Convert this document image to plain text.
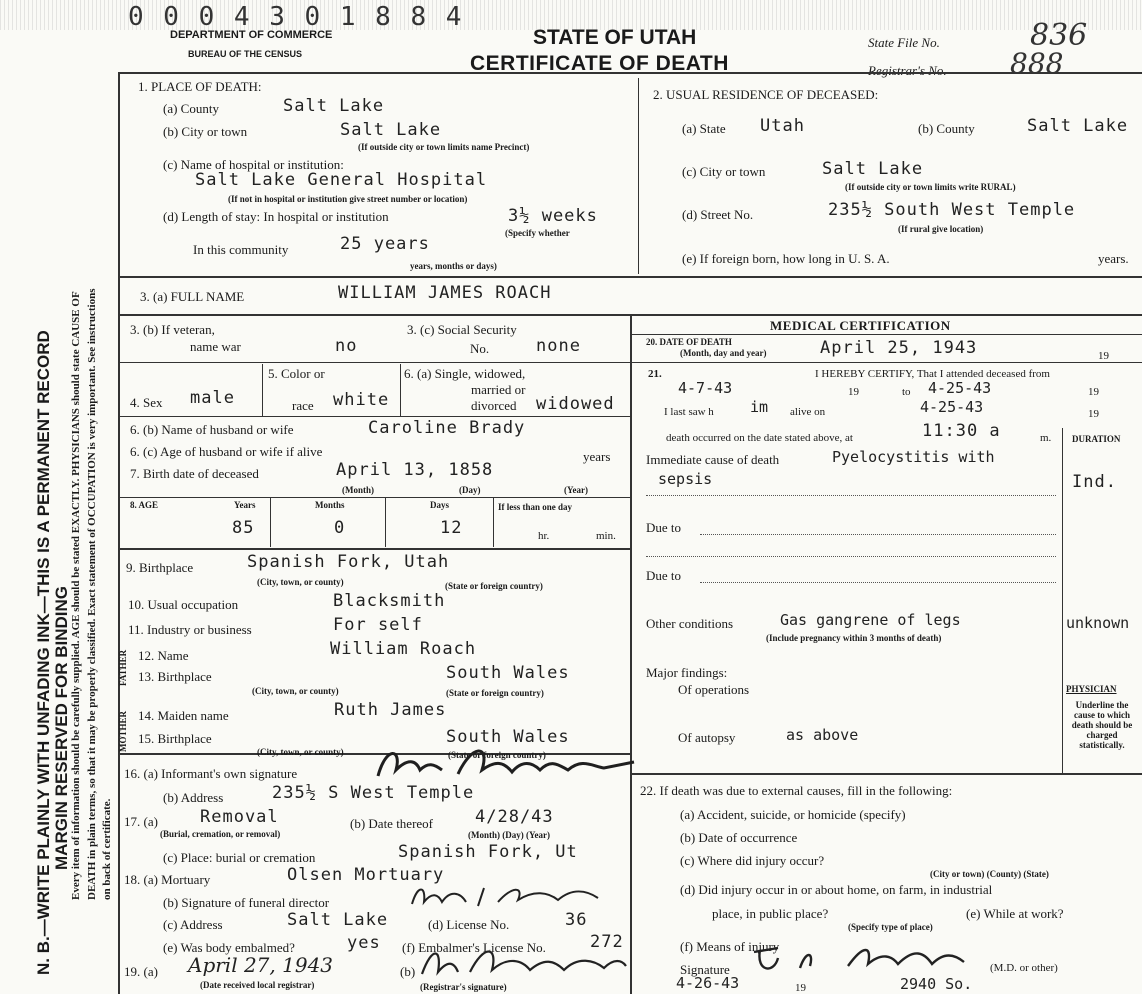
0 0 0 4 3 0 1 8 8 4
DEPARTMENT OF COMMERCE
BUREAU OF THE CENSUS
STATE OF UTAH
CERTIFICATE OF DEATH
State File No.	836
Registrar's No. 888
N. B.—WRITE PLAINLY WITH UNFADING INK—THIS IS A PERMANENT RECORD MARGIN RESERVED FOR BINDING Every item of information should be carefully supplied. AGE should be stated EXACTLY. PHYSICIANS should state CAUSE OF DEATH in plain terms, so that it may be properly classified. Exact statement of OCCUPATION is very important. See instructions on back of certificate.
1. PLACE OF DEATH:
(a) County	Salt Lake
(b) City or town	Salt Lake
(If outside city or town limits name Precinct)
(c) Name of hospital or institution:
Salt Lake General Hospital
(If not in hospital or institution give street number or location)
(d) Length of stay: In hospital or institution	3½ weeks
(Specify whether
In this community	25 years
years, months or days)
2. USUAL RESIDENCE OF DECEASED:
(a) State Utah	(b) County	Salt Lake
(c) City or town	Salt Lake
(If outside city or town limits write RURAL)
(d) Street No.	235½ South West Temple
(If rural give location)
(e) If foreign born, how long in U. S. A.	years.
3. (a) FULL NAME	WILLIAM JAMES ROACH
3. (b) If veteran,
name war	no
3. (c) Social Security
No.	none
4. Sex male
5. Color or
race white
6. (a) Single, widowed,
married or
divorced widowed
6. (b) Name of husband or wife	Caroline Brady
6. (c) Age of husband or wife if alive	years
7. Birth date of deceased	April 13, 1858
(Month)	(Day)	(Year)
8. AGE	Years	Months	Days	If less than one day
85	0	12	hr.	min.
9. Birthplace	Spanish Fork, Utah
(City, town, or county)	(State or foreign country)
10. Usual occupation	Blacksmith
11. Industry or business	For self
FATHER
MOTHER
12. Name	William Roach
13. Birthplace	South Wales
(City, town, or county)	(State or foreign country)
14. Maiden name	Ruth James
15. Birthplace	South Wales
(City, town, or county)	(State or foreign country)
16. (a) Informant's own signature
(b) Address	235½ S West Temple
17. (a) Removal
(Burial, cremation, or removal)
(b) Date thereof 4/28/43
(Month) (Day) (Year)
(c) Place: burial or cremation	Spanish Fork, Ut
18. (a) Mortuary	Olsen Mortuary
(b) Signature of funeral director
(c) Address	Salt Lake	(d) License No.	36
(e) Was body embalmed?	yes (f) Embalmer's License No.	272
19. (a) April 27, 1943
(Date received local registrar)
(b)
(Registrar's signature)
MEDICAL CERTIFICATION
20. DATE OF DEATH
(Month, day and year)	April 25, 1943	19
21.	I HEREBY CERTIFY, That I attended deceased from
4-7-43	19	to 4-25-43	19
I last saw h im alive on	4-25-43	19
death occurred on the date stated above, at	11:30 a	m. DURATION
Immediate cause of death	Pyelocystitis with
sepsis	Ind.
Due to
Due to
Other conditions	Gas gangrene of legs	unknown
(Include pregnancy within 3 months of death)
Major findings:
Of operations	PHYSICIAN
Underline the cause to which death should be charged statistically.
Of autopsy	as above
22. If death was due to external causes, fill in the following:
(a) Accident, suicide, or homicide (specify)
(b) Date of occurrence
(c) Where did injury occur?
(City or town) (County) (State)
(d) Did injury occur in or about home, on farm, in industrial
place, in public place?	(e) While at work?
(Specify type of place)
(f) Means of injury
Signature	(M.D. or other)
4-26-43	19	2940 So.
